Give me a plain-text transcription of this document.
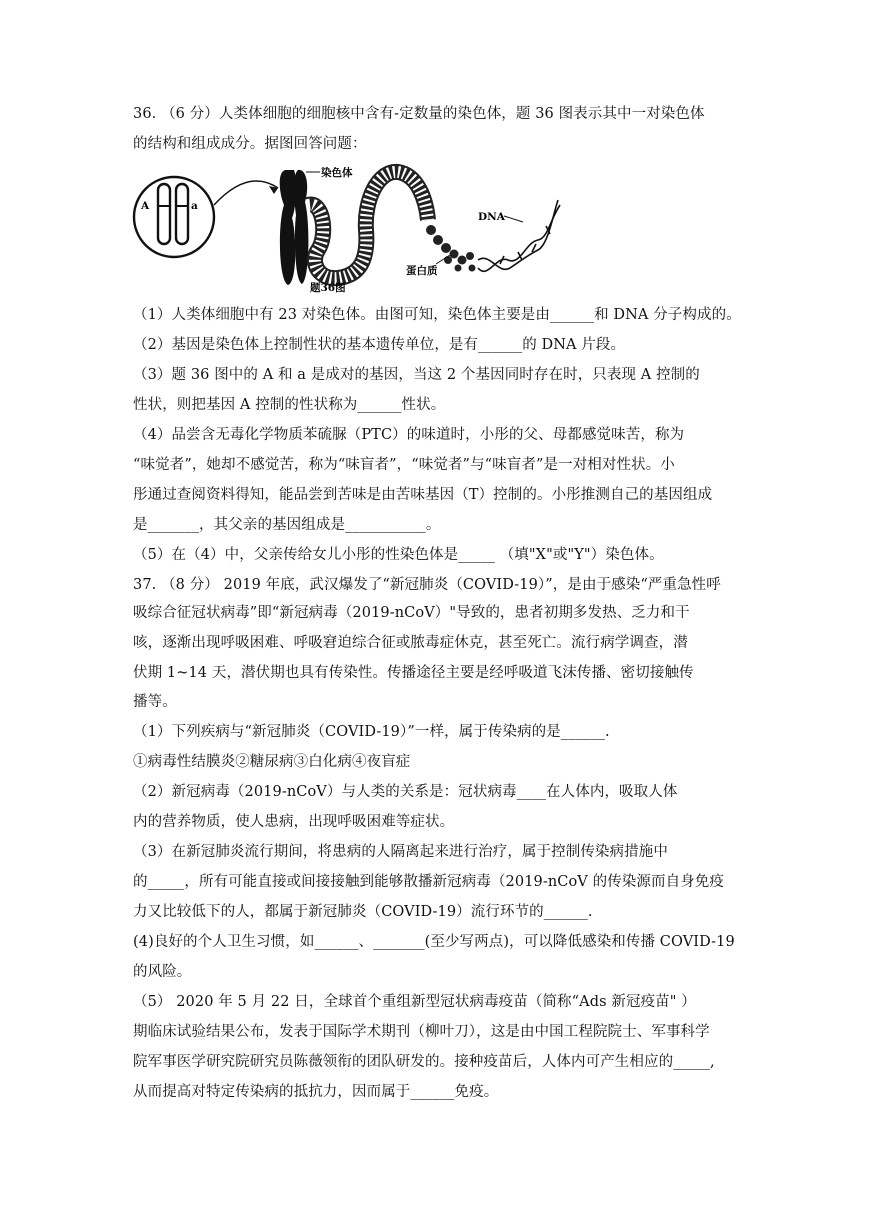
36. （6 分）人类体细胞的细胞核中含有-定数量的染色体，题 36 图表示其中一对染色体
的结构和组成成分。据图回答问题：
A	a
染色体
DNA
蛋白质
题36图
（1）人类体细胞中有 23 对染色体。由图可知，染色体主要是由______和 DNA 分子构成的。
（2）基因是染色体上控制性状的基本遗传单位，是有______的 DNA 片段。
（3）题 36 图中的 A 和 a 是成对的基因，当这 2 个基因同时存在时，只表现 A 控制的
性状，则把基因 A 控制的性状称为______性状。
（4）品尝含无毒化学物质苯硫脲（PTC）的味道时，小彤的父、母都感觉味苦，称为
“味觉者”，她却不感觉苦，称为“味盲者”，“味觉者”与“味盲者”是一对相对性状。小
彤通过查阅资料得知，能品尝到苦味是由苦味基因（T）控制的。小彤推测自己的基因组成
是_______，其父亲的基因组成是___________。
（5）在（4）中，父亲传给女儿小彤的性染色体是_____ （填"X"或"Y"）染色体。
37. （8 分） 2019 年底，武汉爆发了“新冠肺炎（COVID-19）”，是由于感染“严重急性呼
吸综合征冠状病毒”即“新冠病毒（2019-nCoV）"导致的，患者初期多发热、乏力和干
咳，逐渐出现呼吸困难、呼吸窘迫综合征或脓毒症休克，甚至死亡。流行病学调查，潜
伏期 1~14 天，潜伏期也具有传染性。传播途径主要是经呼吸道飞沫传播、密切接触传
播等。
（1）下列疾病与“新冠肺炎（COVID-19）”一样，属于传染病的是______.
①病毒性结膜炎②糖尿病③白化病④夜盲症
（2）新冠病毒（2019-nCoV）与人类的关系是：冠状病毒____在人体内，吸取人体
内的营养物质，使人患病，出现呼吸困难等症状。
（3）在新冠肺炎流行期间，将患病的人隔离起来进行治疗，属于控制传染病措施中
的_____，所有可能直接或间接接触到能够散播新冠病毒（2019-nCoV 的传染源而自身免疫
力又比较低下的人，都属于新冠肺炎（COVID-19）流行环节的______.
(4)良好的个人卫生习惯，如______、_______(至少写两点)，可以降低感染和传播 COVID-19
的风险。
（5） 2020 年 5 月 22 日，全球首个重组新型冠状病毒疫苗（简称“Ads 新冠疫苗" ）
期临床试验结果公布，发表于国际学术期刊（柳叶刀），这是由中国工程院院士、军事科学
院军事医学研究院研究员陈薇领衔的团队研发的。接种疫苗后，人体内可产生相应的_____,
从而提高对特定传染病的抵抗力，因而属于______免疫。
